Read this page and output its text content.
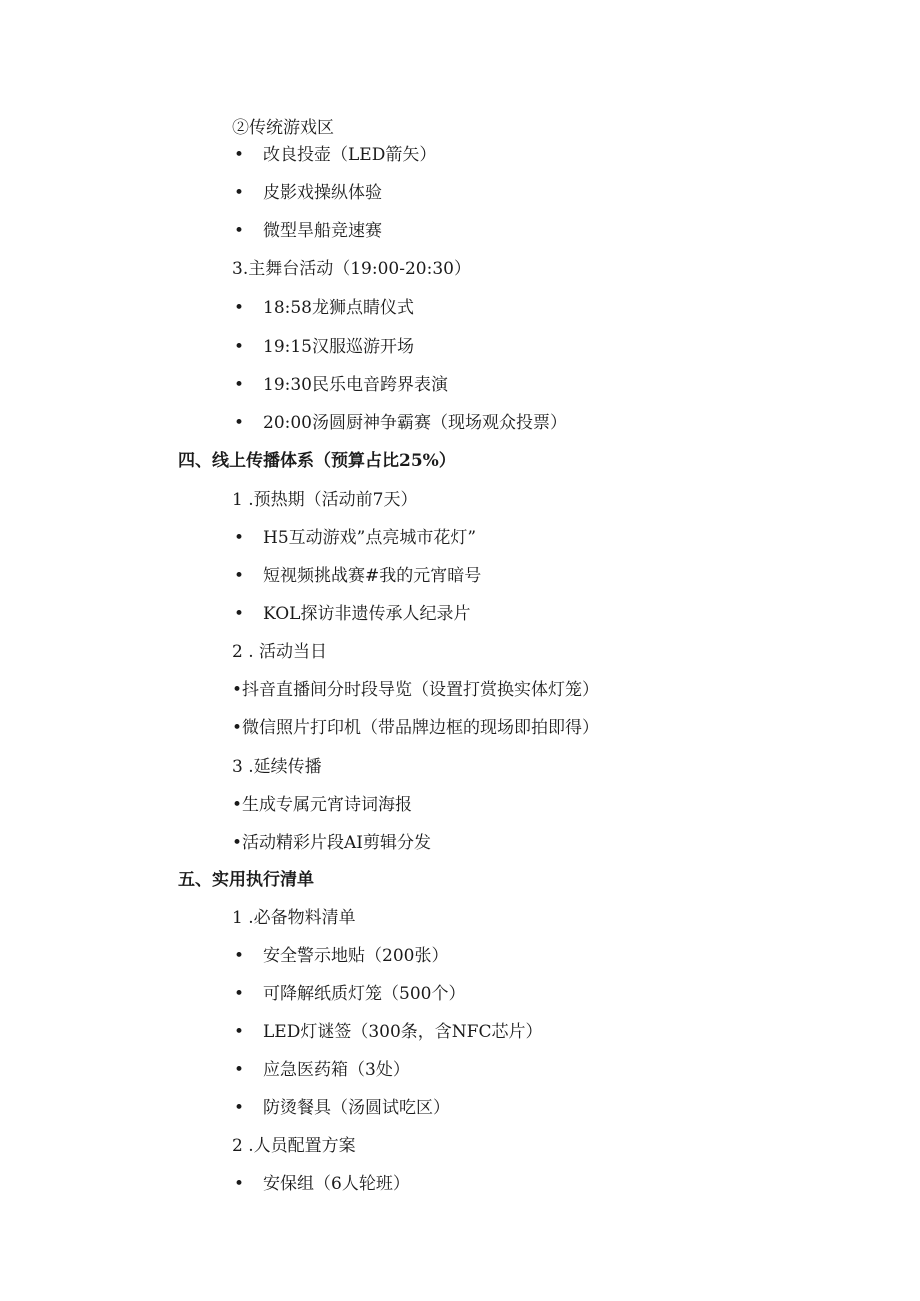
②传统游戏区
• 改良投壶（LED箭矢）
• 皮影戏操纵体验
• 微型旱船竞速赛
3.主舞台活动（19:00-20:30）
• 18:58龙狮点睛仪式
• 19:15汉服巡游开场
• 19:30民乐电音跨界表演
• 20:00汤圆厨神争霸赛（现场观众投票）
四、线上传播体系（预算占比25%）
1 .预热期（活动前7天）
• H5互动游戏”点亮城市花灯”
• 短视频挑战赛#我的元宵暗号
• KOL探访非遗传承人纪录片
2 . 活动当日
•抖音直播间分时段导览（设置打赏换实体灯笼）
•微信照片打印机（带品牌边框的现场即拍即得）
3 .延续传播
•生成专属元宵诗词海报
•活动精彩片段AI剪辑分发
五、实用执行清单
1 .必备物料清单
• 安全警示地贴（200张）
• 可降解纸质灯笼（500个）
• LED灯谜签（300条，含NFC芯片）
• 应急医药箱（3处）
• 防烫餐具（汤圆试吃区）
2 .人员配置方案
• 安保组（6人轮班）
